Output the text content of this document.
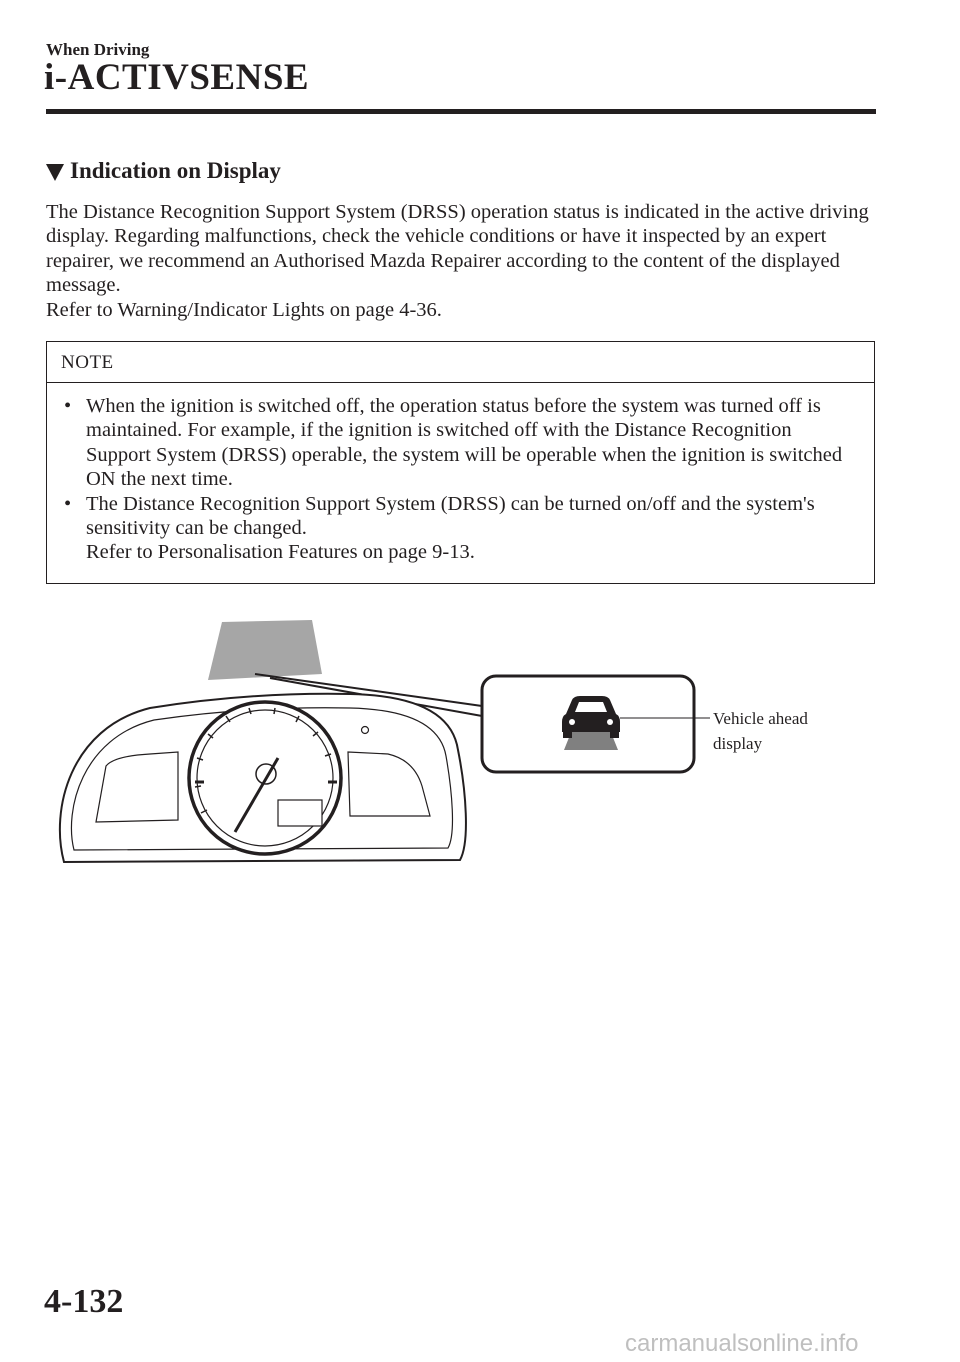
When Driving
i-ACTIVSENSE
Indication on Display

The Distance Recognition Support System (DRSS) operation status is indicated in the active driving display. Regarding malfunctions, check the vehicle conditions or have it inspected by an expert repairer, we recommend an Authorised Mazda Repairer according to the content of the displayed message.

Refer to Warning/Indicator Lights on page 4-36.

NOTE
• When the ignition is switched off, the operation status before the system was turned off is maintained. For example, if the ignition is switched off with the Distance Recognition Support System (DRSS) operable, the system will be operable when the ignition is switched ON the next time.
• The Distance Recognition Support System (DRSS) can be turned on/off and the system's sensitivity can be changed.
Refer to Personalisation Features on page 9-13.
Vehicle ahead
display
4-132
carmanualsonline.info
